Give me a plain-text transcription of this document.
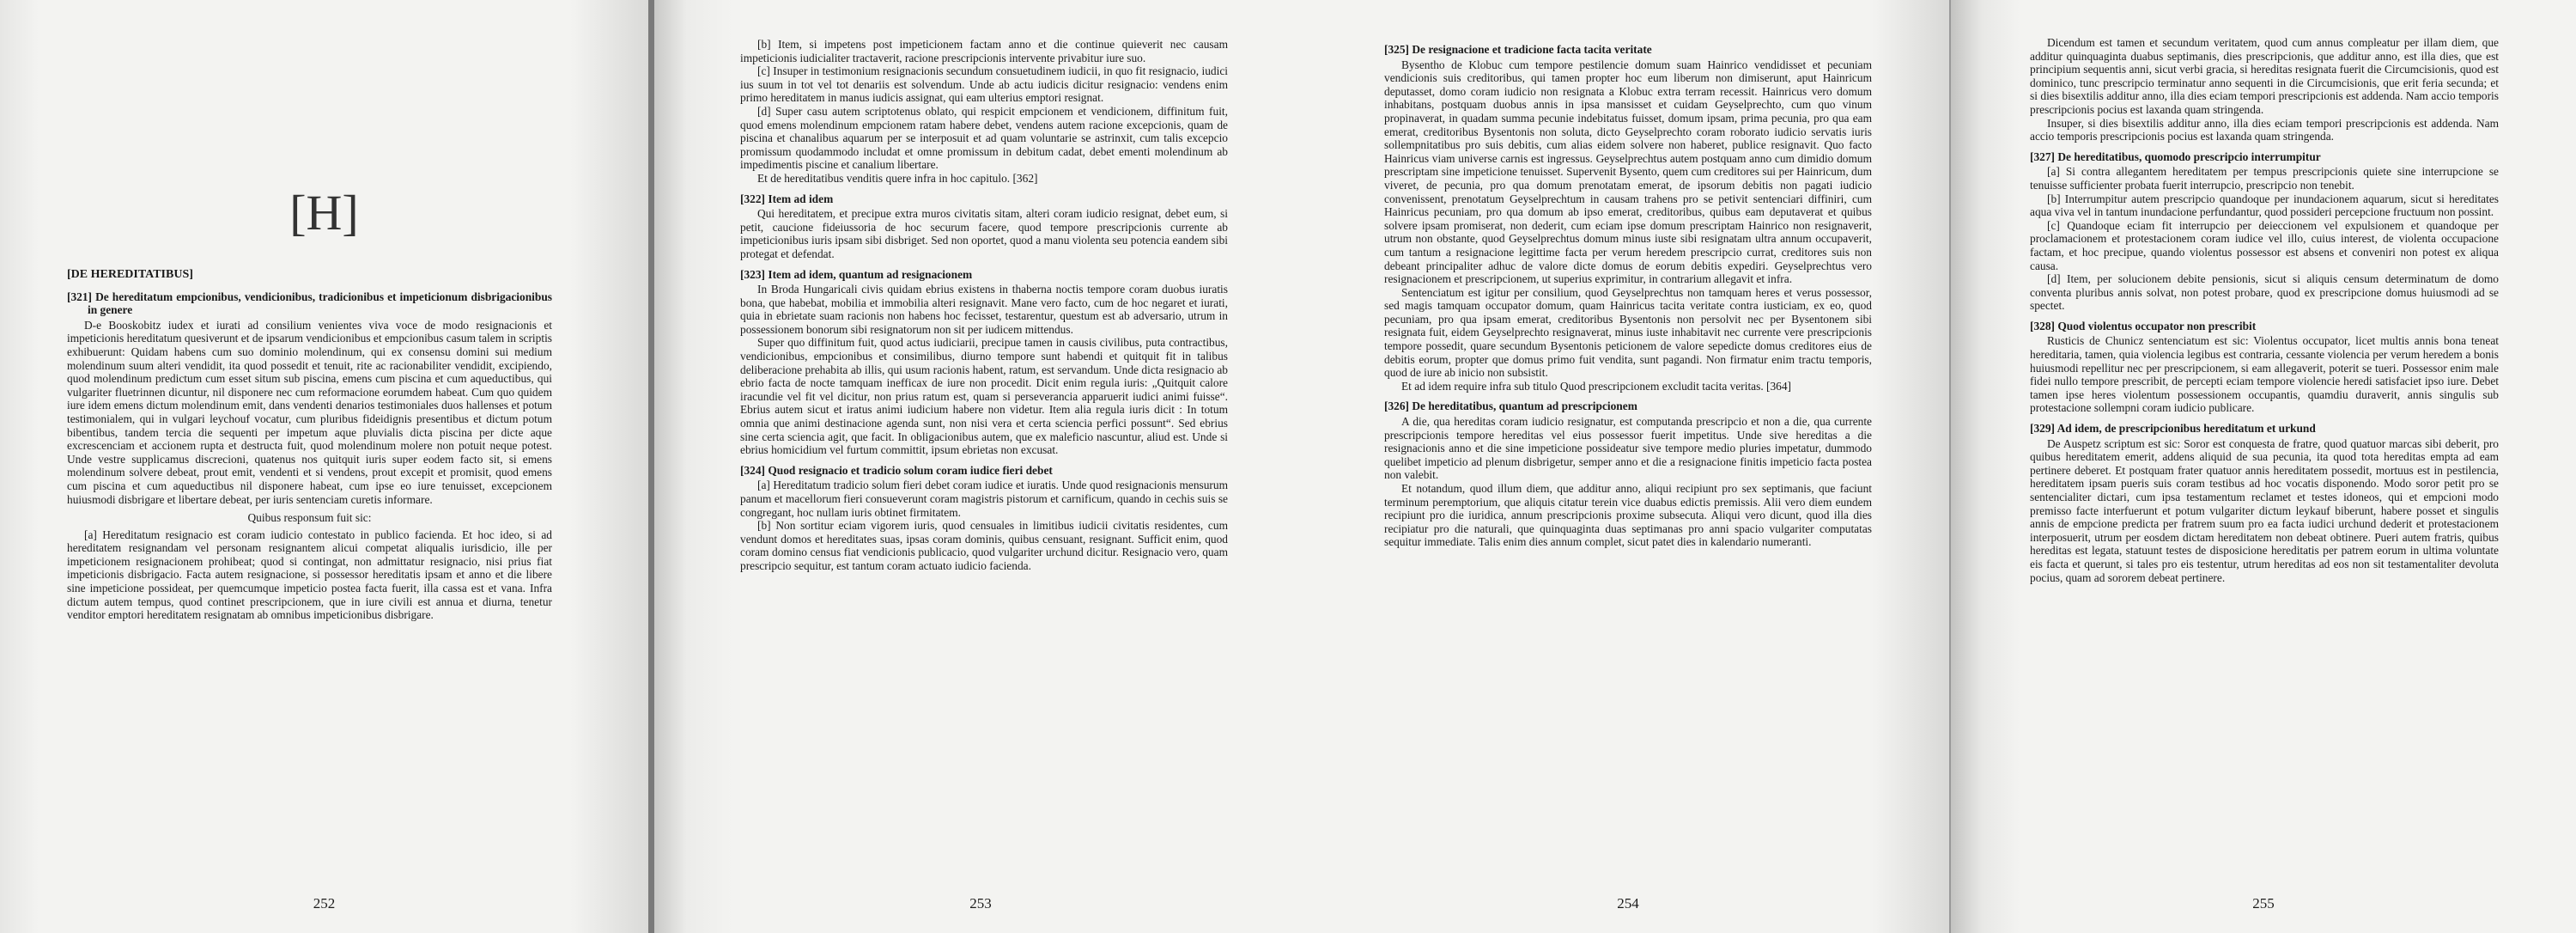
[H]
[DE HEREDITATIBUS]
[321] De hereditatum empcionibus, vendicionibus, tradicionibus et impeticionum disbrigacionibus in genere

D-e Booskobitz iudex et iurati ad consilium venientes viva voce de modo resignacionis et impeticionis hereditatum quesiverunt et de ipsarum vendicionibus et empcionibus casum talem in scriptis exhibuerunt: Quidam habens cum suo dominio molendinum, qui ex consensu domini sui medium molendinum suum alteri vendidit, ita quod possedit et tenuit, rite ac racionabiliter vendidit, excipiendo, quod molendinum predictum cum esset situm sub piscina, emens cum piscina et cum aqueductibus, qui vulgariter fluetrinnen dicuntur, nil disponere nec cum reformacione eorumdem habeat. Cum quo quidem iure idem emens dictum molendinum emit, dans vendenti denarios testimoniales duos hallenses et potum testimonialem, qui in vulgari leychouf vocatur, cum pluribus fideidignis presentibus et dictum potum bibentibus, tandem tercia die sequenti per impetum aque pluvialis dicta piscina per dicte aque excrescenciam et accionem rupta et destructa fuit, quod molendinum molere non potuit neque potest. Unde vestre supplicamus discrecioni, quatenus nos quitquit iuris super eodem facto sit, si emens molendinum solvere debeat, prout emit, vendenti et si vendens, prout excepit et promisit, quod emens cum piscina et cum aqueductibus nil disponere habeat, cum ipse eo iure tenuisset, excepcionem huiusmodi disbrigare et libertare debeat, per iuris sentenciam curetis informare.

Quibus responsum fuit sic:

[a] Hereditatum resignacio est coram iudicio contestato in publico facienda. Et hoc ideo, si ad hereditatem resignandam vel personam resignantem alicui competat aliqualis iurisdicio, ille per impeticionem resignacionem prohibeat; quod si contingat, non admittatur resignacio, nisi prius fiat impeticionis disbrigacio. Facta autem resignacione, si possessor hereditatis ipsam et anno et die libere sine impeticione possideat, per quemcumque impeticio postea facta fuerit, illa cassa est et vana. Infra dictum autem tempus, quod continet prescripcionem, que in iure civili est annua et diurna, tenetur venditor emptori hereditatem resignatam ab omnibus impeticionibus disbrigare.

252

[b] Item, si impetens post impeticionem factam anno et die continue quieverit nec causam impeticionis iudicialiter tractaverit, racione prescripcionis intervente privabitur iure suo.

[c] Insuper in testimonium resignacionis secundum consuetudinem iudicii, in quo fit resignacio, iudici ius suum in tot vel tot denariis est solvendum. Unde ab actu iudicis dicitur resignacio: vendens enim primo hereditatem in manus iudicis assignat, qui eam ulterius emptori resignat.

[d] Super casu autem scriptotenus oblato, qui respicit empcionem et vendicionem, diffinitum fuit, quod emens molendinum empcionem ratam habere debet, vendens autem racione excepcionis, quam de piscina et chanalibus aquarum per se interposuit et ad quam voluntarie se astrinxit, cum talis excepcio promissum quodammodo includat et omne promissum in debitum cadat, debet ementi molendinum ab impedimentis piscine et canalium libertare.

Et de hereditatibus venditis quere infra in hoc capitulo. [362]

[322] Item ad idem

Qui hereditatem, et precipue extra muros civitatis sitam, alteri coram iudicio resignat, debet eum, si petit, caucione fideiussoria de hoc securum facere, quod tempore prescripcionis currente ab impeticionibus iuris ipsam sibi disbriget. Sed non oportet, quod a manu violenta seu potencia eandem sibi protegat et defendat.

[323] Item ad idem, quantum ad resignacionem

In Broda Hungaricali civis quidam ebrius existens in thaberna noctis tempore coram duobus iuratis bona, que habebat, mobilia et immobilia alteri resignavit. Mane vero facto, cum de hoc negaret et iurati, quia in ebrietate suam racionis non habens hoc fecisset, testarentur, questum est ab adversario, utrum in possessionem bonorum sibi resignatorum non sit per iudicem mittendus.

Super quo diffinitum fuit, quod actus iudiciarii, precipue tamen in causis civilibus, puta contractibus, vendicionibus, empcionibus et consimilibus, diurno tempore sunt habendi et quitquit fit in talibus deliberacione prehabita ab illis, qui usum racionis habent, ratum, est servandum. Unde dicta resignacio ab ebrio facta de nocte tamquam inefficax de iure non procedit. Dicit enim regula iuris: „Quitquit calore iracundie vel fit vel dicitur, non prius ratum est, quam si perseverancia apparuerit iudici animi fuisse“. Ebrius autem sicut et iratus animi iudicium habere non videtur. Item alia regula iuris dicit : In totum omnia que animi destinacione agenda sunt, non nisi vera et certa sciencia perfici possunt“. Sed ebrius sine certa sciencia agit, que facit. In obligacionibus autem, que ex maleficio nascuntur, aliud est. Unde si ebrius homicidium vel furtum committit, ipsum ebrietas non excusat.

[324] Quod resignacio et tradicio solum coram iudice fieri debet

[a] Hereditatum tradicio solum fieri debet coram iudice et iuratis. Unde quod resignacionis mensurum panum et macellorum fieri consueverunt coram magistris pistorum et carnificum, quando in cechis suis se congregant, hoc nullam iuris obtinet firmitatem.

[b] Non sortitur eciam vigorem iuris, quod censuales in limitibus iudicii civitatis residentes, cum vendunt domos et hereditates suas, ipsas coram dominis, quibus censuant, resignant. Sufficit enim, quod coram domino census fiat vendicionis publicacio, quod vulgariter urchund dicitur. Resignacio vero, quam prescripcio sequitur, est tantum coram actuato iudicio facienda.

253
[325] De resignacione et tradicione facta tacita veritate

Bysentho de Klobuc cum tempore pestilencie domum suam Hainrico vendidisset et pecuniam vendicionis suis creditoribus, qui tamen propter hoc eum liberum non dimiserunt, aput Hainricum deputasset, domo coram iudicio non resignata a Klobuc extra terram recessit. Hainricus vero domum inhabitans, postquam duobus annis in ipsa mansisset et cuidam Geyselprechto, cum quo vinum propinaverat, in quadam summa pecunie indebitatus fuisset, domum ipsam, prima pecunia, pro qua eam emerat, creditoribus Bysentonis non soluta, dicto Geyselprechto coram roborato iudicio servatis iuris sollempnitatibus pro suis debitis, cum alias eidem solvere non haberet, publice resignavit. Quo facto Hainricus viam universe carnis est ingressus. Geyselprechtus autem postquam anno cum dimidio domum prescriptam sine impeticione tenuisset. Supervenit Bysento, quem cum creditores sui per Hainricum, dum viveret, de pecunia, pro qua domum prenotatam emerat, de ipsorum debitis non pagati iudicio convenissent, prenotatum Geyselprechtum in causam trahens pro se petivit sentenciari diffiniri, cum Hainricus pecuniam, pro qua domum ab ipso emerat, creditoribus, quibus eam deputaverat et quibus solvere ipsam promiserat, non dederit, cum eciam ipse domum prescriptam Hainrico non resignaverit, utrum non obstante, quod Geyselprechtus domum minus iuste sibi resignatam ultra annum occupaverit, cum tantum a resignacione legittime facta per verum heredem prescripcio currat, creditores suis non debeant principaliter adhuc de valore dicte domus de eorum debitis expediri. Geyselprechtus vero resignacionem et prescripcionem, ut superius exprimitur, in contrarium allegavit et infra.

Sentenciatum est igitur per consilium, quod Geyselprechtus non tamquam heres et verus possessor, sed magis tamquam occupator domum, quam Hainricus tacita veritate contra iusticiam, ex eo, quod pecuniam, pro qua ipsam emerat, creditoribus Bysentonis non persolvit nec per Bysentonem sibi resignata fuit, eidem Geyselprechto resignaverat, minus iuste inhabitavit nec currente vere prescripcionis tempore possedit, quare secundum Bysentonis peticionem de valore sepedicte domus creditores eius de debitis eorum, propter que domus primo fuit vendita, sunt pagandi. Non firmatur enim tractu temporis, quod de iure ab inicio non subsistit.

Et ad idem require infra sub titulo Quod prescripcionem excludit tacita veritas. [364]

[326] De hereditatibus, quantum ad prescripcionem

A die, qua hereditas coram iudicio resignatur, est computanda prescripcio et non a die, qua currente prescripcionis tempore hereditas vel eius possessor fuerit impetitus. Unde sive hereditas a die resignacionis anno et die sine impeticione possideatur sive tempore medio pluries impetatur, dummodo quelibet impeticio ad plenum disbrigetur, semper anno et die a resignacione finitis impeticio facta postea non valebit.

Et notandum, quod illum diem, que additur anno, aliqui recipiunt pro sex septimanis, que faciunt terminum peremptorium, que aliquis citatur terein vice duabus edictis premissis. Alii vero diem eundem recipiunt pro die iuridica, annum prescripcionis proxime subsecuta. Aliqui vero dicunt, quod illa dies recipiatur pro die naturali, que quinquaginta duas septimanas pro anni spacio vulgariter computatas sequitur immediate. Talis enim dies annum complet, sicut patet dies in kalendario numeranti.

254

Dicendum est tamen et secundum veritatem, quod cum annus compleatur per illam diem, que additur quinquaginta duabus septimanis, dies prescripcionis, que additur anno, est illa dies, que est principium sequentis anni, sicut verbi gracia, si hereditas resignata fuerit die Circumcisionis, quod est dominico, tunc prescripcio terminatur anno sequenti in die Circumcisionis, que erit feria secunda; et si dies bisextilis additur anno, illa dies eciam tempori prescripcionis est addenda. Nam accio temporis prescripcionis pocius est laxanda quam stringenda.

Insuper, si dies bisextilis additur anno, illa dies eciam tempori prescripcionis est addenda. Nam accio temporis prescripcionis pocius est laxanda quam stringenda.

[327] De hereditatibus, quomodo prescripcio interrumpitur

[a] Si contra allegantem hereditatem per tempus prescripcionis quiete sine interrupcione se tenuisse sufficienter probata fuerit interrupcio, prescripcio non tenebit.

[b] Interrumpitur autem prescripcio quandoque per inundacionem aquarum, sicut si hereditates aqua viva vel in tantum inundacione perfundantur, quod possideri percepcione fructuum non possint.

[c] Quandoque eciam fit interrupcio per deieccionem vel expulsionem et quandoque per proclamacionem et protestacionem coram iudice vel illo, cuius interest, de violenta occupacione factam, et hoc precipue, quando violentus possessor est absens et conveniri non potest ex aliqua causa.

[d] Item, per solucionem debite pensionis, sicut si aliquis censum determinatum de domo conventa pluribus annis solvat, non potest probare, quod ex prescripcione domus huiusmodi ad se spectet.

[328] Quod violentus occupator non prescribit

Rusticis de Chunicz sentenciatum est sic: Violentus occupator, licet multis annis bona teneat hereditaria, tamen, quia violencia legibus est contraria, cessante violencia per verum heredem a bonis huiusmodi repellitur nec per prescripcionem, si eam allegaverit, poterit se tueri. Possessor enim male fidei nullo tempore prescribit, de percepti eciam tempore violencie heredi satisfaciet ipso iure. Debet tamen ipse heres violentum possessionem occupantis, quamdiu duraverit, annis singulis sub protestacione sollempni coram iudicio publicare.

[329] Ad idem, de prescripcionibus hereditatum et urkund

De Auspetz scriptum est sic: Soror est conquesta de fratre, quod quatuor marcas sibi deberit, pro quibus hereditatem emerit, addens aliquid de sua pecunia, ita quod tota hereditas empta ad eam pertinere deberet. Et postquam frater quatuor annis hereditatem possedit, mortuus est in pestilencia, hereditatem ipsam pueris suis coram testibus ad hoc vocatis disponendo. Modo soror petit pro se sentencialiter dictari, cum ipsa testamentum reclamet et testes idoneos, qui et empcioni modo premisso facte interfuerunt et potum vulgariter dictum leykauf biberunt, habere posset et singulis annis de empcione predicta per fratrem suum pro ea facta iudici urchund dederit et protestacionem interposuerit, utrum per eosdem dictam hereditatem non debeat obtinere. Pueri autem fratris, quibus hereditas est legata, statuunt testes de disposicione hereditatis per patrem eorum in ultima voluntate eis facta et querunt, si tales pro eis testentur, utrum hereditas ad eos non sit testamentaliter devoluta pocius, quam ad sororem debeat pertinere.

255
